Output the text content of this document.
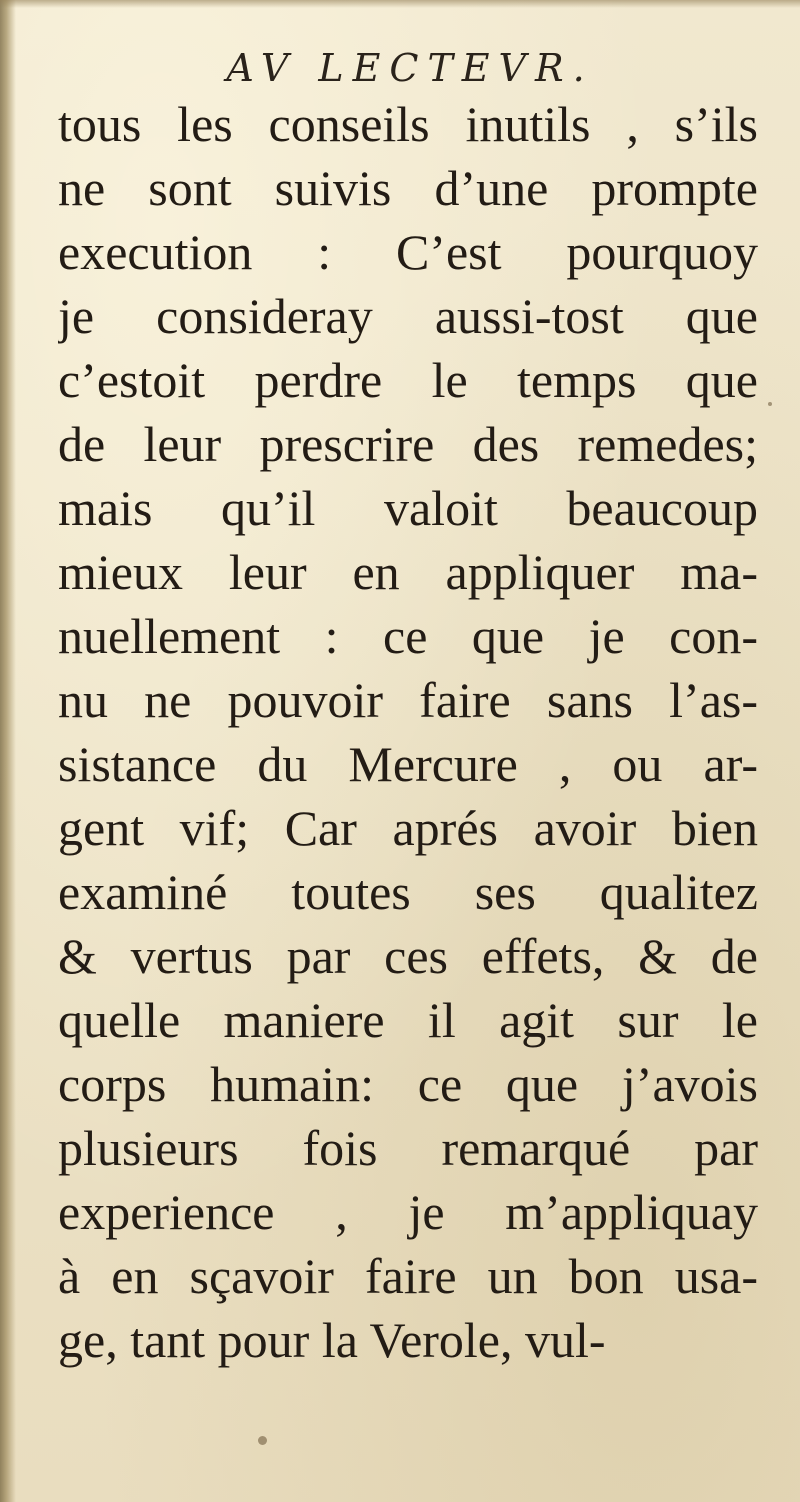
AV LECTEVR.
tous les conseils inutils , s’ils
ne sont suivis d’une prompte
execution : C’est pourquoy
je consideray aussi-tost que
c’estoit perdre le temps que
de leur prescrire des remedes;
mais qu’il valoit beaucoup
mieux leur en appliquer ma-
nuellement : ce que je con-
nu ne pouvoir faire sans l’as-
sistance du Mercure , ou ar-
gent vif; Car aprés avoir bien
examiné toutes ses qualitez
& vertus par ces effets, & de
quelle maniere il agit sur le
corps humain: ce que j’avois
plusieurs fois remarqué par
experience , je m’appliquay
à en sçavoir faire un bon usa-
ge, tant pour la Verole, vul-
